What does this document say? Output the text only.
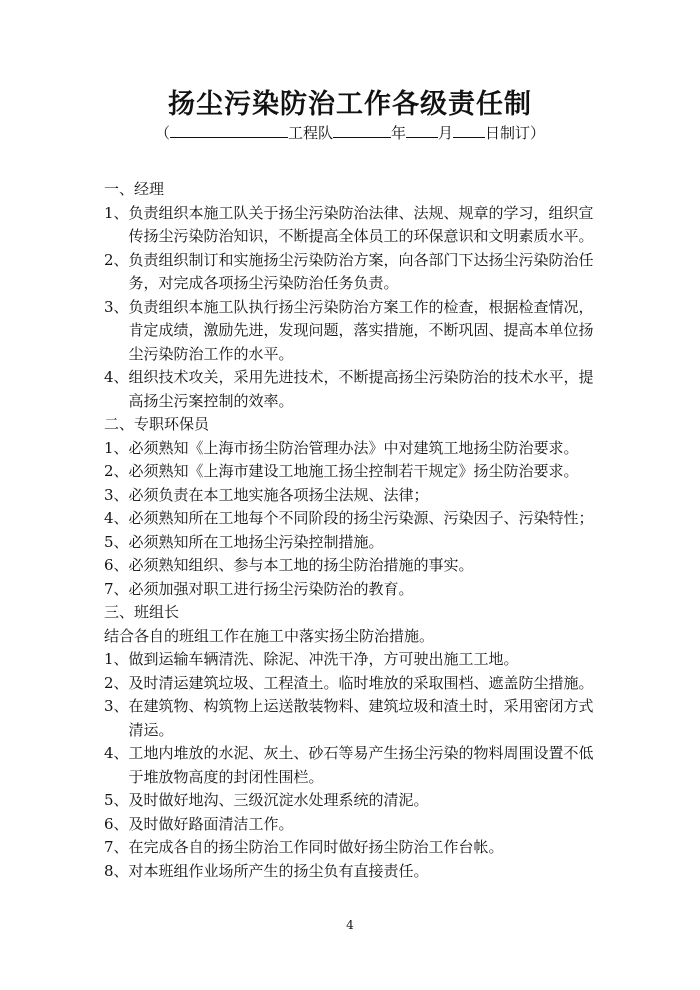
扬尘污染防治工作各级责任制
（	工程队	年 月 日制订）
一、经理
1、 负责组织本施工队关于扬尘污染防治法律、法规、规章的学习，组织宣传扬尘污染防治知识，不断提高全体员工的环保意识和文明素质水平。
2、 负责组织制订和实施扬尘污染防治方案，向各部门下达扬尘污染防治任务，对完成各项扬尘污染防治任务负责。
3、 负责组织本施工队执行扬尘污染防治方案工作的检查，根据检查情况，肯定成绩，激励先进，发现问题，落实措施，不断巩固、提高本单位扬尘污染防治工作的水平。
4、 组织技术攻关，采用先进技术，不断提高扬尘污染防治的技术水平，提高扬尘污案控制的效率。
二、专职环保员
1、 必须熟知《上海市扬尘防治管理办法》中对建筑工地扬尘防治要求。
2、 必须熟知《上海市建设工地施工扬尘控制若干规定》扬尘防治要求。
3、 必须负责在本工地实施各项扬尘法规、法律；
4、 必须熟知所在工地每个不同阶段的扬尘污染源、污染因子、污染特性；
5、 必须熟知所在工地扬尘污染控制措施。
6、 必须熟知组织、参与本工地的扬尘防治措施的事实。
7、 必须加强对职工进行扬尘污染防治的教育。
三、班组长
结合各自的班组工作在施工中落实扬尘防治措施。
1、 做到运输车辆清洗、除泥、冲洗干净，方可驶出施工工地。
2、 及时清运建筑垃圾、工程渣土。临时堆放的采取围档、遮盖防尘措施。
3、 在建筑物、构筑物上运送散装物料、建筑垃圾和渣土时，采用密闭方式清运。
4、 工地内堆放的水泥、灰土、砂石等易产生扬尘污染的物料周围设置不低于堆放物高度的封闭性围栏。
5、 及时做好地沟、三级沉淀水处理系统的清泥。
6、 及时做好路面清洁工作。
7、 在完成各自的扬尘防治工作同时做好扬尘防治工作台帐。
8、 对本班组作业场所产生的扬尘负有直接责任。
4
